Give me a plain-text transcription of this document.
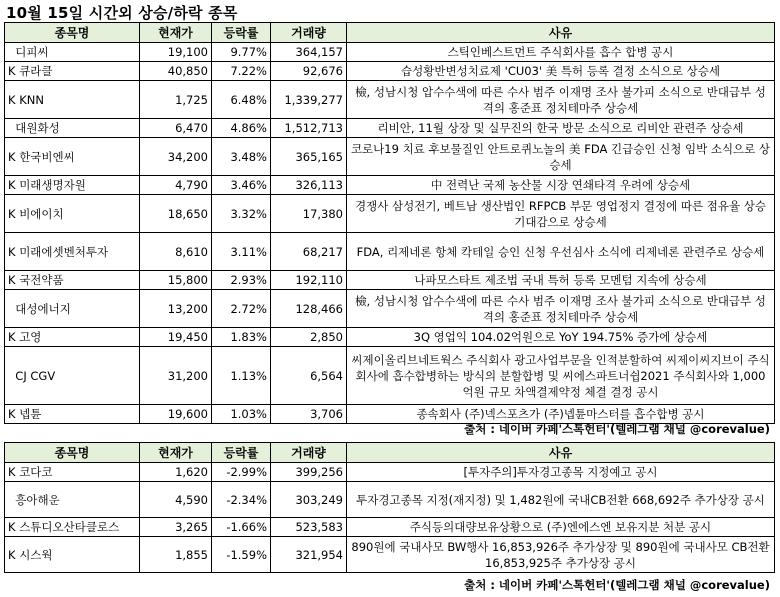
10월 15일 시간외 상승/하락 종목
종목명	현재가	등락률	거래량	사유
디피씨	19,100	9.77%	364,157	스틱인베스트먼트 주식회사를 흡수 합병 공시
K 큐라클	40,850	7.22%	92,676	습성황반변성치료제 'CU03' 美 특허 등록 결정 소식으로 상승세
K KNN	1,725	6.48%	1,339,277	檢, 성남시청 압수수색에 따른 수사 범주 이재명 조사 불가피 소식으로 반대급부 성격의 홍준표 정치테마주 상승세
대원화성	6,470	4.86%	1,512,713	리비안, 11월 상장 및 실무진의 한국 방문 소식으로 리비안 관련주 상승세
K 한국비엔씨	34,200	3.48%	365,165	코로나19 치료 후보물질인 안트로퀴노놀의 美 FDA 긴급승인 신청 임박 소식으로 상승세
K 미래생명자원	4,790	3.46%	326,113	中 전력난 국제 농산물 시장 연쇄타격 우려에 상승세
K 비에이치	18,650	3.32%	17,380	경쟁사 삼성전기, 베트남 생산법인 RFPCB 부문 영업정지 결정에 따른 점유율 상승 기대감으로 상승세
K 미래에셋벤처투자	8,610	3.11%	68,217	FDA, 리제네론 항체 칵테일 승인 신청 우선심사 소식에 리제네론 관련주로 상승세
K 국전약품	15,800	2.93%	192,110	나파모스타트 제조법 국내 특허 등록 모멘텀 지속에 상승세
대성에너지	13,200	2.72%	128,466	檢, 성남시청 압수수색에 따른 수사 범주 이재명 조사 불가피 소식으로 반대급부 성격의 홍준표 정치테마주 상승세
K 고영	19,450	1.83%	2,850	3Q 영업익 104.02억원으로 YoY 194.75% 증가에 상승세
CJ CGV	31,200	1.13%	6,564	씨제이올리브네트웍스 주식회사 광고사업부문을 인적분할하여 씨제이씨지브이 주식회사에 흡수합병하는 방식의 분할합병 및 씨에스파트너쉽2021 주식회사와 1,000억원 규모 차액결제약정 체결 결정 공시
K 넵튠	19,600	1.03%	3,706	종속회사 (주)넥스포츠가 (주)넵튠마스터를 흡수합병 공시
출처 : 네이버 카페'스톡헌터'(텔레그램 채널 @corevalue)
종목명	현재가	등락률	거래량	사유
K 코다코	1,620	-2.99%	399,256	[투자주의]투자경고종목 지정예고 공시
흥아해운	4,590	-2.34%	303,249	투자경고종목 지정(재지정) 및 1,482원에 국내CB전환 668,692주 추가상장 공시
K 스튜디오산타클로스	3,265	-1.66%	523,583	주식등의대량보유상황으로 (주)엔에스엔 보유지분 처분 공시
K 시스웍	1,855	-1.59%	321,954	890원에 국내사모 BW행사 16,853,926주 추가상장 및 890원에 국내사모 CB전환 16,853,925주 추가상장 공시
출처 : 네이버 카페'스톡헌터'(텔레그램 채널 @corevalue)
